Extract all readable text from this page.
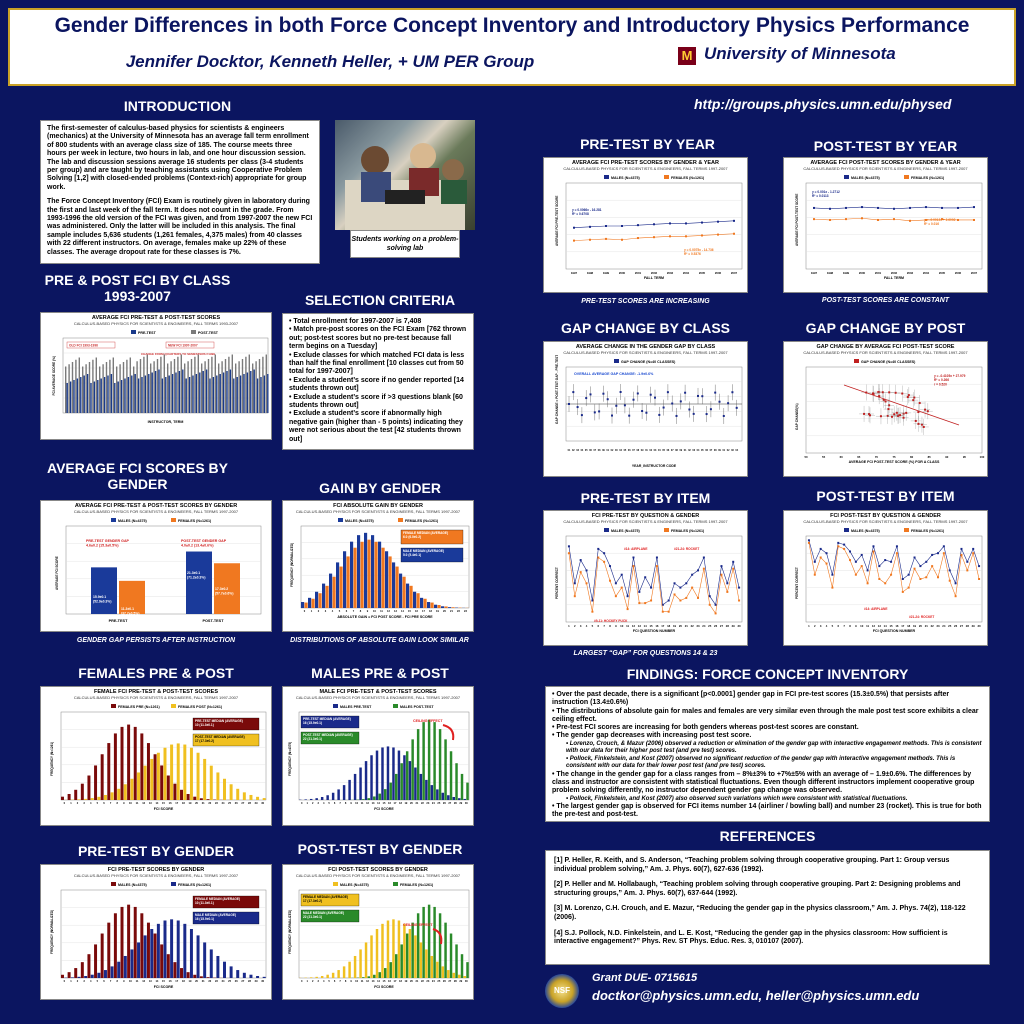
Gender Differences in both Force Concept Inventory and Introductory Physics Performance
Jennifer Docktor, Kenneth Heller, + UM PER Group	M University of Minnesota
http://groups.physics.umn.edu/physed
INTRODUCTION

The first-semester of calculus-based physics for scientists & engineers (mechanics) at the University of Minnesota has an average fall term enrollment of 800 students with an average class size of 185. The course meets three hours per week in lecture, two hours in lab, and one hour discussion session. The lab and discussion sessions average 16 students per class (3-4 students per group) and are taught by teaching assistants using Cooperative Problem Solving [1,2] with closed-ended problems (Context-rich) appropriate for group work.

The Force Concept Inventory (FCI) Exam is routinely given in laboratory during the first and last week of the fall term. It does not count in the grade. From 1993-1996 the old version of the FCI was given, and from 1997-2007 the new FCI was administered. Only the latter will be included in this analysis. The final sample includes 5,636 students (1,261 females, 4,375 males) from 40 classes with 22 different instructors. On average, females make up 22% of these classes. The average dropout rate for these classes is 7%.

Students working on a problem-solving lab
PRE & POST FCI BY CLASS 1993-2007
AVERAGE FCI PRE-TEST & POST-TEST SCORES
CALCULUS-BASED PHYSICS FOR SCIENTISTS & ENGINEERS, FALL TERMS 1993-2007
PRE-TEST	POST-TEST
FCI AVERAGE SCORE (%)
INSTRUCTOR, TERM
OLD FCI 1993-1996	NEW FCI 1997-2007
CHANGE FROM QUARTERS TO SEMESTERS F1999
SELECTION CRITERIA
• Total enrollment for 1997-2007 is 7,408
• Match pre-post scores on the FCI Exam [762 thrown out; post-test scores but no pre-test because fall term begins on a Tuesday]
• Exclude classes for which matched FCI data is less than half the final enrollment [10 classes cut from 50 total for 1997-2007]
• Exclude a student’s score if no gender reported [14 students thrown out]
• Exclude a student’s score if >3 questions blank [60 students thrown out]
• Exclude a student’s score if abnormally high negative gain (higher than - 5 points) indicating they were not serious about the test [42 students thrown out]
AVERAGE FCI SCORES BY GENDER
AVERAGE FCI PRE-TEST & POST-TEST SCORES BY GENDER
CALCULUS-BASED PHYSICS FOR SCIENTISTS & ENGINEERS, FALL TERMS 1997-2007
MALES (N=4375)	FEMALES (N=1261)
AVERAGE FCI SCORE
PRE-TEST	POST-TEST
15.9±0.1
(52.9±0.3%)
11.3±0.1
(37.7±0.5%)
21.3±0.1
(71.2±0.3%)
17.3±0.2
(57.7±0.6%)
PRE-TEST GENDER GAP
4.6±0.2 (15.3±0.5%)
POST-TEST GENDER GAP
4.0±0.2 (13.4±0.6%)
GENDER GAP PERSISTS AFTER INSTRUCTION
GAIN BY GENDER
FCI ABSOLUTE GAIN BY GENDER
CALCULUS-BASED PHYSICS FOR SCIENTISTS & ENGINEERS, FALL TERMS 1997-2007
MALES (N=4375)	FEMALES (N=1261)
FREQUENCY (NORMALIZED)
ABSOLUTE GAIN = FCI POST SCORE - FCI PRE SCORE
0 1 2 3 4 5 6 7 8 9 10 11 12 13 14 15 16 17 18 19 20 21 22 23
FEMALE MEDIAN (AVERAGE)
6.0 (6.0±0.2)
MALE MEDIAN (AVERAGE)
5.0 (5.4±0.1)
DISTRIBUTIONS OF ABSOLUTE GAIN LOOK SIMILAR
FEMALES PRE & POST
FEMALE FCI PRE-TEST & POST-TEST SCORES
CALCULUS-BASED PHYSICS FOR SCIENTISTS & ENGINEERS, FALL TERMS 1997-2007
FEMALES PRE (N=1261)	FEMALES POST (N=1261)
FREQUENCY (N=1261)
FCI SCORE
0 1 2 3 4 5 6 7 8 9 10 11 12 13 14 15 16 17 18 19 20 21 22 23 24 25 26 27 28 29 30
PRE-TEST MEDIAN (AVERAGE)
10 (11.3±0.1)
POST-TEST MEDIAN (AVERAGE)
17 (17.3±0.2)
MALES PRE & POST
MALE FCI PRE-TEST & POST-TEST SCORES
CALCULUS-BASED PHYSICS FOR SCIENTISTS & ENGINEERS, FALL TERMS 1997-2007
MALES PRE-TEST	MALES POST-TEST
FREQUENCY (N=4375)
FCI SCORE
0 1 2 3 4 5 6 7 8 9 10 11 12 13 14 15 16 17 18 19 20 21 22 23 24 25 26 27 28 29 30
PRE-TEST MEDIAN (AVERAGE)
16 (15.9±0.1)
POST-TEST MEDIAN (AVERAGE)
22 (21.3±0.1)
CEILING EFFECT
PRE-TEST BY GENDER
FCI PRE-TEST SCORES BY GENDER
CALCULUS-BASED PHYSICS FOR SCIENTISTS & ENGINEERS, FALL TERMS 1997-2007
MALES (N=4375)	FEMALES (N=1261)
FREQUENCY (NORMALIZED)
FCI SCORE
0 1 2 3 4 5 6 7 8 9 10 11 12 13 14 15 16 17 18 19 20 21 22 23 24 25 26 27 28 29 30
FEMALE MEDIAN (AVERAGE)
10 (11.3±0.1)
MALE MEDIAN (AVERAGE)
16 (15.9±0.1)
POST-TEST BY GENDER
FCI POST-TEST SCORES BY GENDER
CALCULUS-BASED PHYSICS FOR SCIENTISTS & ENGINEERS, FALL TERMS 1997-2007
MALES (N=4375)	FEMALES (N=1261)
FREQUENCY (NORMALIZED)
FCI SCORE
0 1 2 3 4 5 6 7 8 9 10 11 12 13 14 15 16 17 18 19 20 21 22 23 24 25 26 27 28 29 30
FEMALE MEDIAN (AVERAGE)
17 (17.3±0.2)
MALE MEDIAN (AVERAGE)
22 (21.3±0.1)
CEILING EFFECT
PRE-TEST BY YEAR
AVERAGE FCI PRE-TEST SCORES BY GENDER & YEAR
CALCULUS-BASED PHYSICS FOR SCIENTISTS & ENGINEERS, FALL TERMS 1997-2007
MALES (N=4375)	FEMALES (N=1261)
AVERAGE FCI PRE-TEST SCORE
FALL TERM
1997	1998	1999	2000	2001	2002	2003	2004	2005	2006	2007
y = 0.0066x - 16.281
R² = 0.6708
y = 0.0075x - 14.736
R² = 0.5376
PRE-TEST SCORES ARE INCREASING
POST-TEST BY YEAR
AVERAGE FCI POST-TEST SCORES BY GENDER & YEAR
CALCULUS-BASED PHYSICS FOR SCIENTISTS & ENGINEERS, FALL TERMS 1997-2007
MALES (N=4375)	FEMALES (N=1261)
AVERAGE FCI POST-TEST SCORE
FALL TERM
1997	1998	1999	2000	2001	2002	2003	2004	2005	2006	2007
y = 0.001x - 1.2712
R² = 0.0113
y = -0.0012x + 2.6002
R² = 0.016
POST-TEST SCORES ARE CONSTANT
GAP CHANGE BY CLASS
AVERAGE CHANGE IN THE GENDER GAP BY CLASS
CALCULUS-BASED PHYSICS FOR SCIENTISTS & ENGINEERS, FALL TERMS 1997-2007
GAP CHANGE (N=40 CLASSES)
GAP CHANGE = POST-TEST GAP - PRE-TEST GAP	OVERALL AVERAGE GAP CHANGE: -1.9±0.6%
01 02 03 04 05 06 07 08 09 01 02 03 04 05 06 07 08 09 01 02 03 04 05 06 07 08 09 01 02 03 04 05 06 07 08 09 01 02 03 04
YEAR_INSTRUCTOR CODE
GAP CHANGE BY POST
GAP CHANGE BY AVERAGE FCI POST-TEST SCORE
CALCULUS-BASED PHYSICS FOR SCIENTISTS & ENGINEERS, FALL TERMS 1997-2007
GAP CHANGE (N=40 CLASSES)
GAP CHANGE(%)
AVERAGE FCI POST-TEST SCORE (%) FOR A CLASS
y = -0.4105x + 27.979
R² = 0.266
r = 0.520
50	55	60	65	70	75	80	85	90	95	100
PRE-TEST BY ITEM
FCI PRE-TEST BY QUESTION & GENDER
CALCULUS-BASED PHYSICS FOR SCIENTISTS & ENGINEERS, FALL TERMS 1997-2007
MALES (N=4375)	FEMALES (N=1261)
PERCENT CORRECT
FCI QUESTION NUMBER
1 2 3 4 5 6 7 8 9 10 11 12 13 14 15 16 17 18 19 20 21 22 23 24 25 26 27 28 29 30
#14: AIRPLANE	#21-24: ROCKET
#9-11: HOCKEY PUCK
POST-TEST BY ITEM
FCI POST-TEST BY QUESTION & GENDER
CALCULUS-BASED PHYSICS FOR SCIENTISTS & ENGINEERS, FALL TERMS 1997-2007
MALES (N=4375)	FEMALES (N=1261)
PERCENT CORRECT
FCI QUESTION NUMBER
1 2 3 4 5 6 7 8 9 10 11 12 13 14 15 16 17 18 19 20 21 22 23 24 25 26 27 28 29 30
#14: AIRPLANE
#21-24: ROCKET
LARGEST “GAP” FOR QUESTIONS 14 & 23
FINDINGS: FORCE CONCEPT INVENTORY
• Over the past decade, there is a significant [p<0.0001] gender gap in FCI pre-test scores (15.3±0.5%) that persists after instruction (13.4±0.6%)
• The distributions of absolute gain for males and females are very similar even through the male post test score exhibits a clear ceiling effect.
• Pre-test FCI scores are increasing for both genders whereas post-test scores are constant.
• The gender gap decreases with increasing post test score.
• Lorenzo, Crouch, & Mazur (2006) observed a reduction or elimination of the gender gap with interactive engagement methods. This is consistent with our data for their higher post test (and pre test) scores.
• Pollock, Finkelstein, and Kost (2007) observed no significant reduction of the gender gap with interactive engagement methods. This is consistent with our data for their lower post test (and pre test) scores.
• The change in the gender gap for a class ranges from – 8%±3% to +7%±5% with an average of – 1.9±0.6%. The differences by class and instructor are consistent with statistical fluctuations. Even though different instructors implement cooperative group problem solving differently, no instructor dependent gender gap change was observed.
• Pollock, Finkelstein, and Kost (2007) also observed such variations which were consistent with statistical fluctuations.
• The largest gender gap is observed for FCI items number 14 (airliner / bowling ball) and number 23 (rocket). This is true for both the pre-test and post-test.
REFERENCES
[1] P. Heller, R. Keith, and S. Anderson, “Teaching problem solving through cooperative grouping. Part 1: Group versus individual problem solving,” Am. J. Phys. 60(7), 627-636 (1992).
[2] P. Heller and M. Hollabaugh, “Teaching problem solving through cooperative grouping. Part 2: Designing problems and structuring groups,” Am. J. Phys. 60(7), 637-644 (1992).
[3] M. Lorenzo, C.H. Crouch, and E. Mazur, “Reducing the gender gap in the physics classroom,” Am. J. Phys. 74(2), 118-122 (2006).
[4] S.J. Pollock, N.D. Finkelstein, and L. E. Kost, “Reducing the gender gap in the physics classroom: How sufficient is interactive engagement?” Phys. Rev. ST Phys. Educ. Res. 3, 010107 (2007).
NSF
Grant DUE- 0715615
doctkor@physics.umn.edu, heller@physics.umn.edu
